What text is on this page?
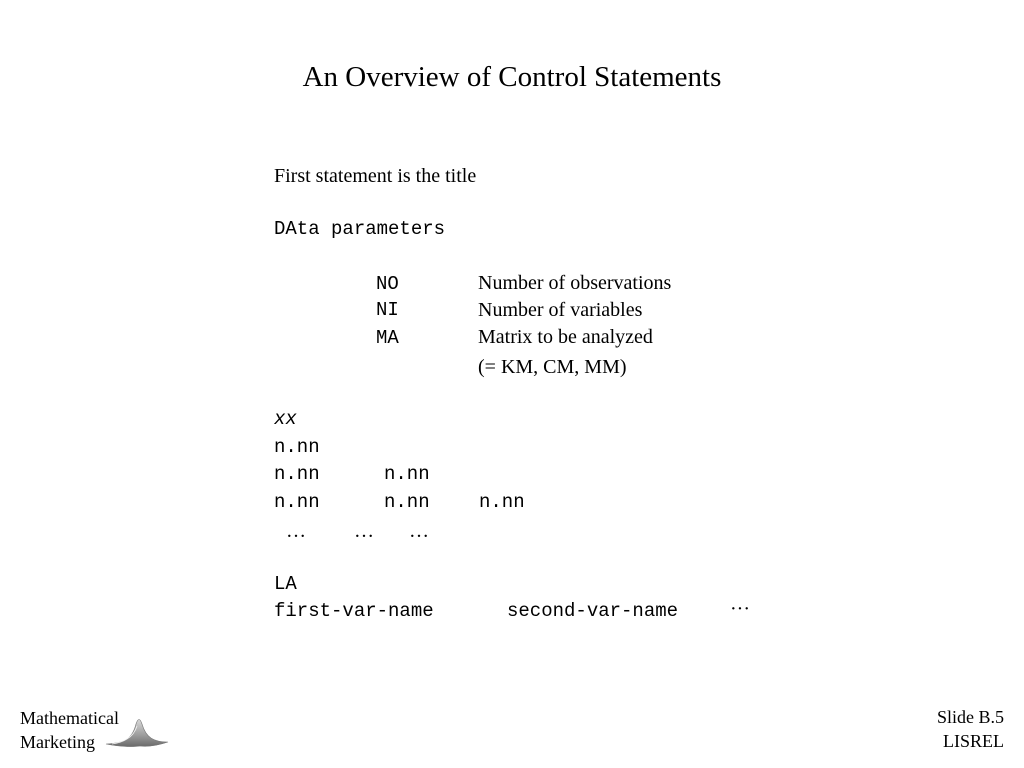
An Overview of Control Statements
First statement is the title
DAta parameters
NO	Number of observations
NI	Number of variables
MA	Matrix to be analyzed
(= KM, CM, MM)
xx
n.nn
n.nn	n.nn
n.nn	n.nn	n.nn
… … …
LA
first-var-name	second-var-name	···
Mathematical
Marketing
Slide B.5
LISREL
